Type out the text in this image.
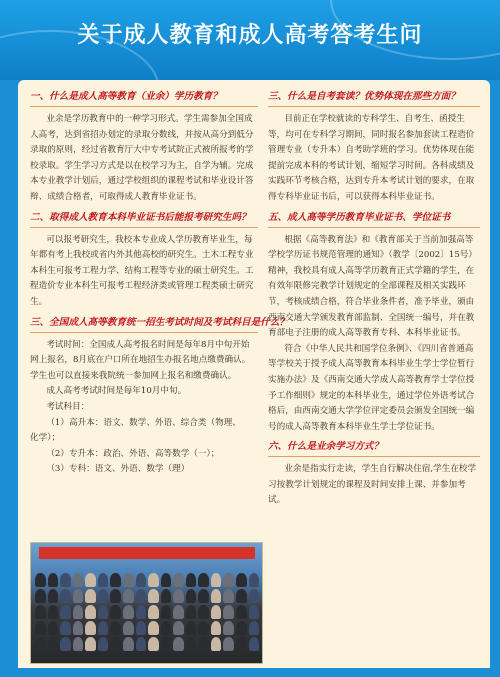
关于成人教育和成人高考答考生问
一、什么是成人高等教育（业余）学历教育？

业余是学历教育中的一种学习形式。学生需参加全国成人高考，达到省招办划定的录取分数线，并按从高分到低分录取的原则，经过省教育厅大中专考试院正式被所报考的学校录取。学生学习方式是以在校学习为主，自学为辅。完成本专业教学计划后，通过学校组织的课程考试和毕业设计答辩、成绩合格者，可取得成人教育毕业证书。

二、取得成人教育本科毕业证书后能报考研究生吗？

可以报考研究生，我校本专业成人学历教育毕业生，每年都有考上我校或省内外其他高校的研究生。土木工程专业本科生可报考工程力学、结构工程等专业的硕士研究生。工程造价专业本科生可报考工程经济类或管理工程类硕士研究生。

三、全国成人高等教育统一招生考试时间及考试科目是什么？

考试时间：全国成人高考报名时间是每年8月中旬开始网上报名，8月底在户口所在地招生办报名地点缴费确认。学生也可以直接来我院统一参加网上报名和缴费确认。

成人高考考试时间是每年10月中旬。

考试科目：

（1）高升本：语文、数学、外语、综合类（物理、

化学）；

（2）专升本：政治、外语、高等数学（一）；

（3）专科：语文、外语、数学（理）

三、什么是自考套读？优势体现在那些方面？

目前正在学校就读的专科学生、自考生、函授生等，均可在专科学习期间，同时报名参加套读工程造价管理专业（专升本）自考助学班的学习。优势体现在能提前完成本科的考试计划，缩短学习时间。各科成绩及实践环节考核合格，达到专升本考试计划的要求，在取得专科毕业证书后，可以获得本科毕业证书。

五、成人高等学历教育毕业证书、学位证书

根据《高等教育法》和《教育部关于当前加强高等学校学历证书规范管理的通知》（教学〔2002〕15号）精神，我校具有成人高等学历教育正式学籍的学生，在有效年限修完教学计划规定的全部课程及相关实践环节，考核成绩合格，符合毕业条件者，准予毕业，颁由西南交通大学颁发教育部监制、全国统一编号，并在教育部电子注册的成人高等教育专科、本科毕业证书。

符合《中华人民共和国学位条例》、《四川省普通高等学校关于授予成人高等教育本科毕业生学士学位暂行实施办法》及《西南交通大学成人高等教育学士学位授予工作细则》规定的本科毕业生，通过学位外语考试合格后，由西南交通大学学位评定委员会颁发全国统一编号的成人高等教育本科毕业生学士学位证书。

六、什么是业余学习方式？

业余是指实行走读，学生自行解决住宿,学生在校学习按教学计划规定的课程及时间安排上课、并参加考试。
